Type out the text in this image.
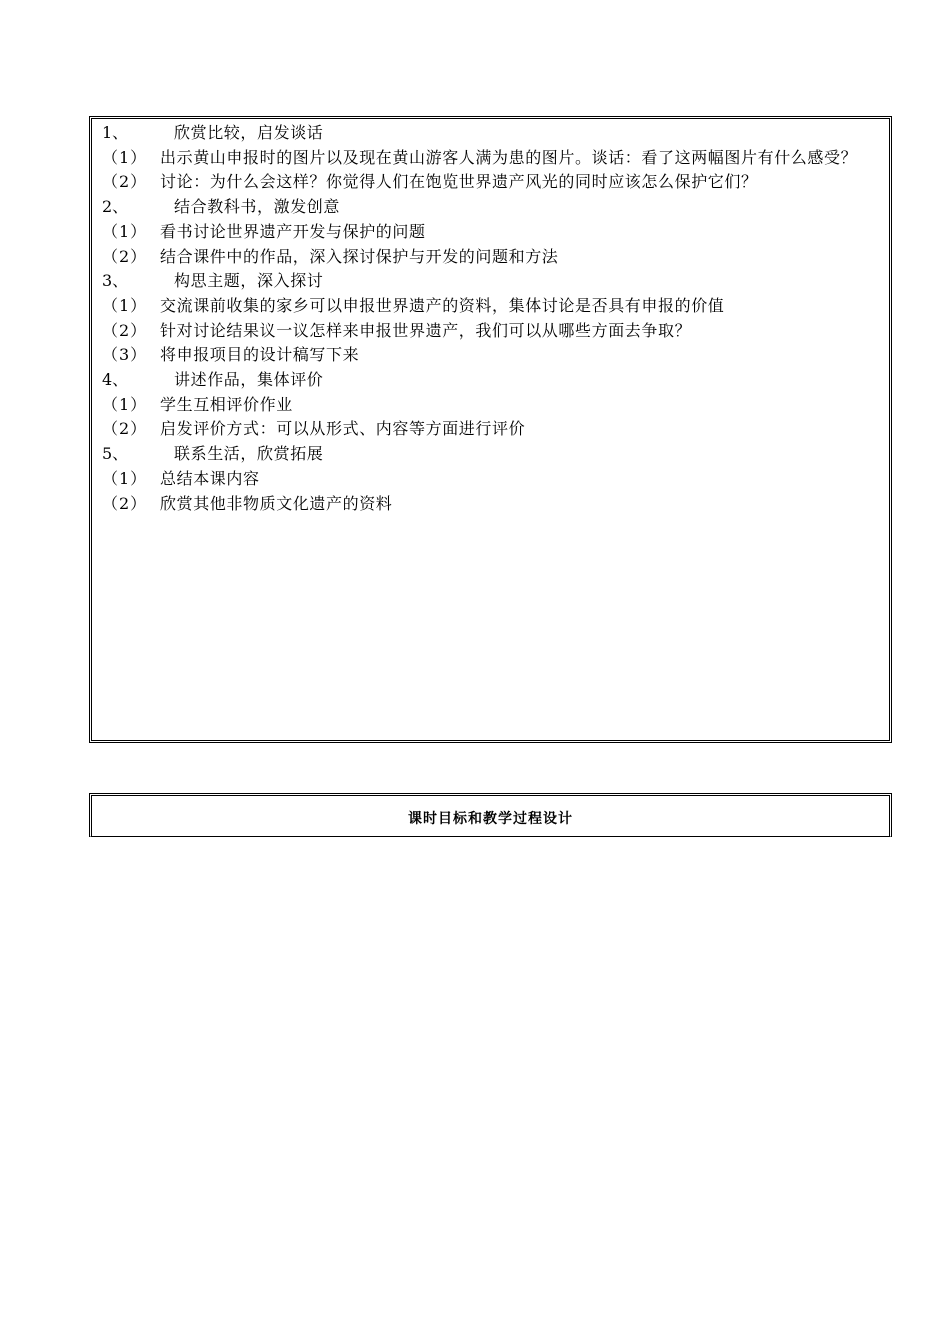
1、	欣赏比较，启发谈话
（1） 出示黄山申报时的图片以及现在黄山游客人满为患的图片。谈话：看了这两幅图片有什么感受？
（2） 讨论：为什么会这样？你觉得人们在饱览世界遗产风光的同时应该怎么保护它们？
2、	结合教科书，激发创意
（1） 看书讨论世界遗产开发与保护的问题
（2） 结合课件中的作品，深入探讨保护与开发的问题和方法
3、	构思主题，深入探讨
（1） 交流课前收集的家乡可以申报世界遗产的资料，集体讨论是否具有申报的价值
（2） 针对讨论结果议一议怎样来申报世界遗产，我们可以从哪些方面去争取？
（3） 将申报项目的设计稿写下来
4、	讲述作品，集体评价
（1） 学生互相评价作业
（2） 启发评价方式：可以从形式、内容等方面进行评价
5、	联系生活，欣赏拓展
（1） 总结本课内容
（2） 欣赏其他非物质文化遗产的资料
课时目标和教学过程设计
